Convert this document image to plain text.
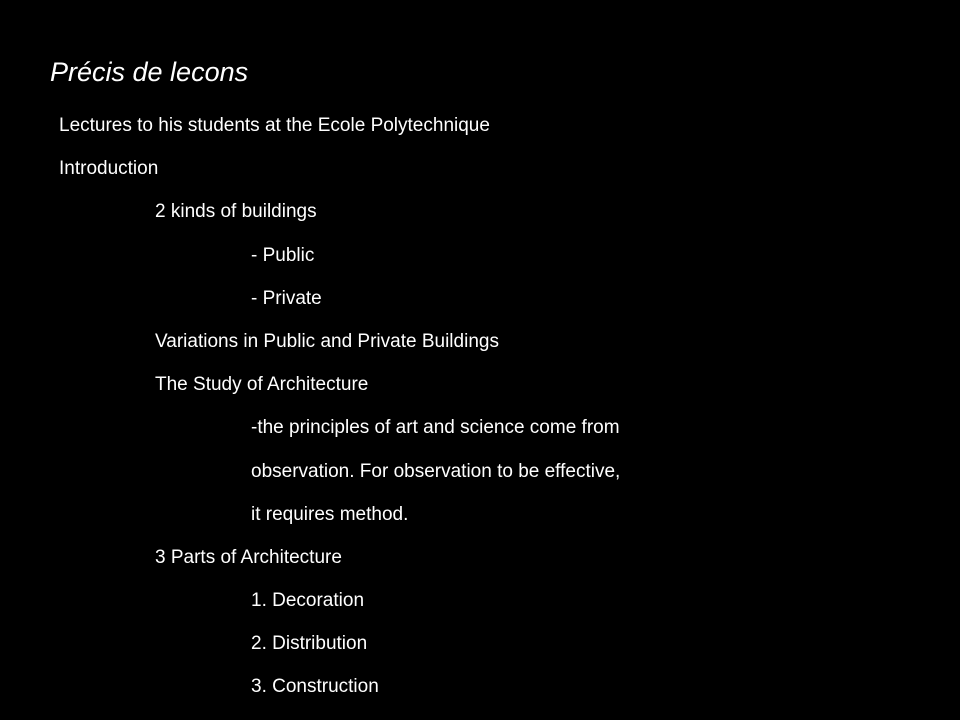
Précis de lecons
Lectures to his students at the Ecole Polytechnique
Introduction
2 kinds of buildings
- Public
- Private
Variations in Public and Private Buildings
The Study of Architecture
-the principles of art and science come from
observation. For observation to be effective,
it requires method.
3 Parts of Architecture
1. Decoration
2. Distribution
3. Construction
